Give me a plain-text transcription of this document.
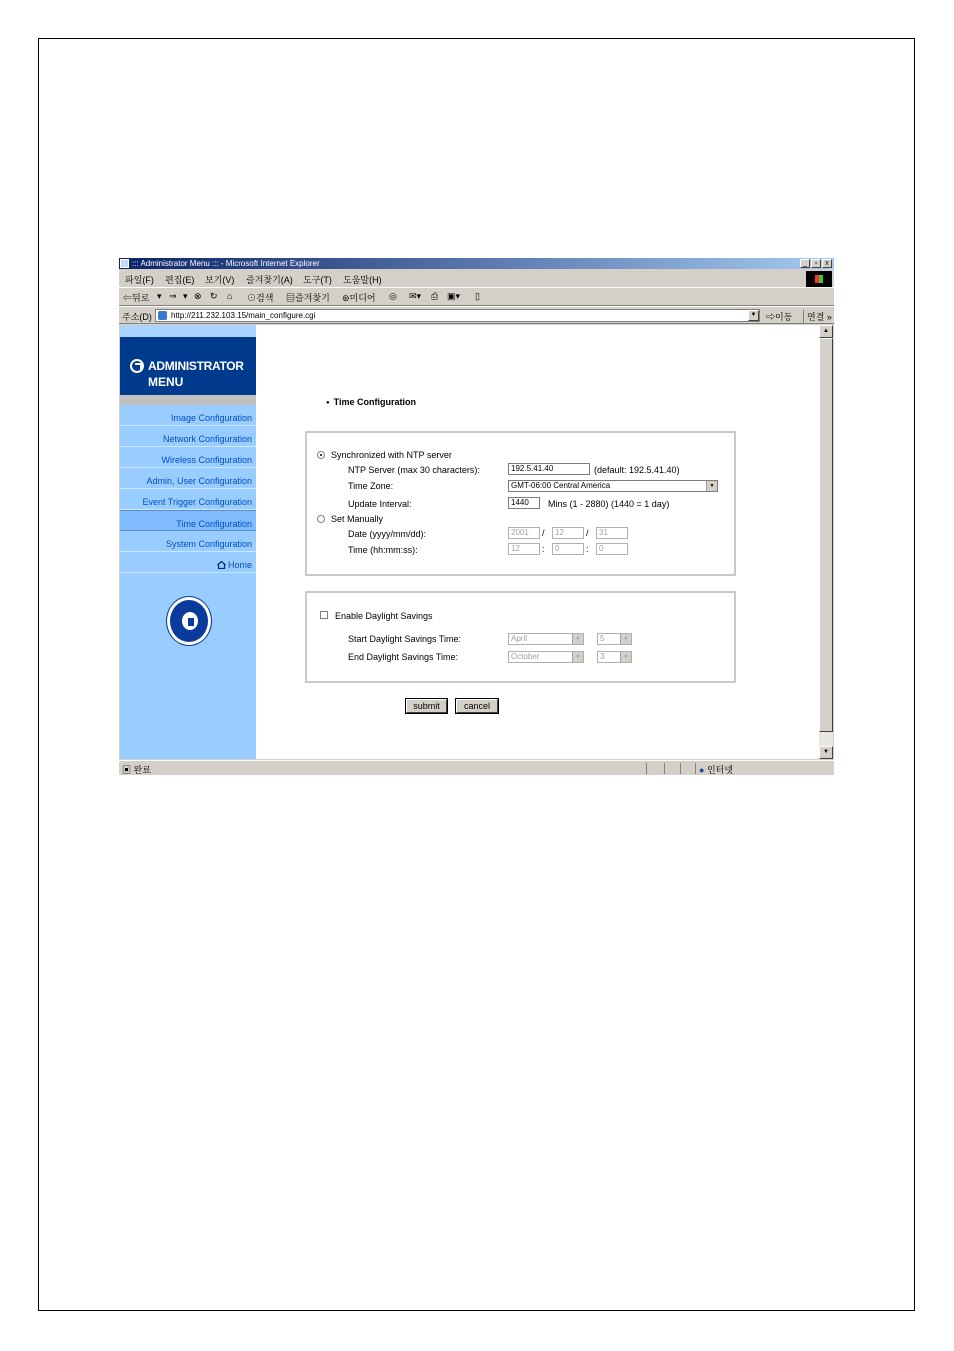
::: Administrator Menu ::: - Microsoft Internet Explorer	_	▫	x
파일(F) 편집(E) 보기(V) 즐겨찾기(A) 도구(T) 도움말(H)
⇐뒤로 ▾ ⇒ ▾ ⊗ ↻ ⌂ ⊙검색 ▤즐겨찾기 ⊛미디어 ◎ ✉▾ ⎙ ▣▾ ▯
주소(D)	http://211.232.103.15/main_configure.cgi	▼ ⇨이동	연결 »
ADMINISTRATOR
MENU
Image Configuration
Network Configuration
Wireless Configuration
Admin, User Configuration
Event Trigger Configuration
Time Configuration
System Configuration
Home
● Time Configuration
Synchronized with NTP server
NTP Server (max 30 characters):	192.5.41.40	(default: 192.5.41.40)
Time Zone:	GMT-06:00 Central America	▼
Update Interval:	1440	Mins (1 - 2880) (1440 = 1 day)
Set Manually
Date (yyyy/mm/dd):	2001	/	12	/	31
Time (hh:mm:ss):	12	:	0	:	0
Enable Daylight Savings
Start Daylight Savings Time:	April	▼	5	▼
End Daylight Savings Time:	October	▼	3	▼
submit	cancel
▲
▼
▣ 완료	● 인터넷
